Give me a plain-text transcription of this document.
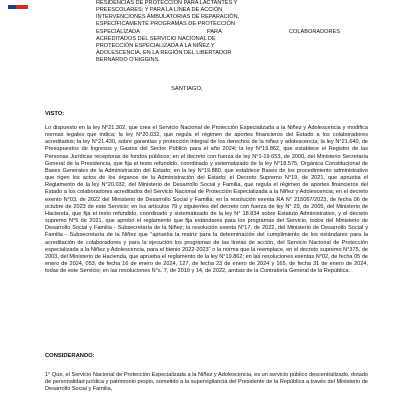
RESIDENCIAS DE PROTECCIÓN PARA LACTANTES Y
PREESCOLARES; Y PARA LA LÍNEA DE ACCIÓN
INTERVENCIONES AMBULATORIAS DE REPARACIÓN,
ESPECÍFICAMENTE PROGRAMAS DE PROTECCIÓN
ESPECIALIZADA PARA COLABORADORES
ACREDITADOS DEL SERVICIO NACIONAL DE
PROTECCIÓN ESPECIALIZADA A LA NIÑEZ Y
ADOLESCENCIA, EN LA REGIÓN DEL LIBERTADOR
BERNARDO O'HIGGINS.
SANTIAGO,
VISTO:

Lo dispuesto en la ley N°21.302, que crea el Servicio Nacional de Protección Especializada a la Niñez y Adolescencia y modifica normas legales que indica; la ley N°20.032, que regula el régimen de aportes financieros del Estado a los colaboradores acreditados; la ley N°21.430, sobre garantías y protección integral de los derechos de la niñez y adolescencia; la ley N°21.640, de Presupuestos de Ingresos y Gastos del Sector Público para el año 2024; la ley N°19.862, que establece el Registro de las Personas Jurídicas receptoras de fondos públicos; en el decreto con fuerza de ley N°1-19.653, de 2000, del Ministerio Secretaría General de la Presidencia, que fija el texto refundido, coordinado y sistematizado de la ley N°18.575, Orgánica Constitucional de Bases Generales de la Administración del Estado; en la ley N°19.880, que establece Bases de los procedimiento administrativo que rigen los actos de los órganos de la Administración del Estado; el Decreto Supremo N°19, de 2021, que aprueba el Reglamento de la ley N°20.032, del Ministerio de Desarrollo Social y Familia, que regula el régimen de aportes financieros del Estado a los colaboradores acreditados del Servicio Nacional de Protección Especializada a la Niñez y Adolescencia; en el decreto exento N°03, de 2022 del Ministerio de Desarrollo Social y Familia; en la resolución exenta RA N° 215067/2023, de fecha 06 de octubre de 2023 de este Servicio; en los artículos 79 y siguientes del decreto con fuerza de ley N° 29, de 2005, del Ministerio de Hacienda, que fija el texto refundido, coordinado y sistematizado de la ley N° 18.834 sobre Estatuto Administrativo, y el decreto supremo N°5 de 2021, que aprobó el reglamento que fija estándares para los programas del Servicio, todos del Ministerio de Desarrollo Social y Familia - Subsecretaría de la Niñez; la resolución exenta N°17, de 2022, del Ministerio de Desarrollo Social y Familia - Subsecretaría de la Niñez que "aprueba la matriz para la determinación del cumplimiento de los estándares para la acreditación de colaboradores y para la ejecución los programas de las líneas de acción, del Servicio Nacional de Protección especializada a la Niñez y Adolescencia, para el bienio 2022-2023" o la norma que la reemplace, en el decreto supremo N°375, de 2003, del Ministerio de Hacienda, que aprueba el reglamento de la ley N°19.862; en las resoluciones exentas N°02, de fecha 05 de enero de 2024, 053, de fecha 16 de enero de 2024, 127, de fecha 23 de enero de 2024 y 165, de fecha 31 de enero de 2024, todas de este Servicio; en las resoluciones N°s. 7, de 2019 y 14, de 2022, ambas de la Contraloría General de la República.

CONSIDERANDO:

1° Que, el Servicio Nacional de Protección Especializada a la Niñez y Adolescencia, es un servicio público descentralizado, dotado de personalidad jurídica y patrimonio propio, sometido a la supervigilancia del Presidente de la República a través del Ministerio de Desarrollo Social y Familia,
